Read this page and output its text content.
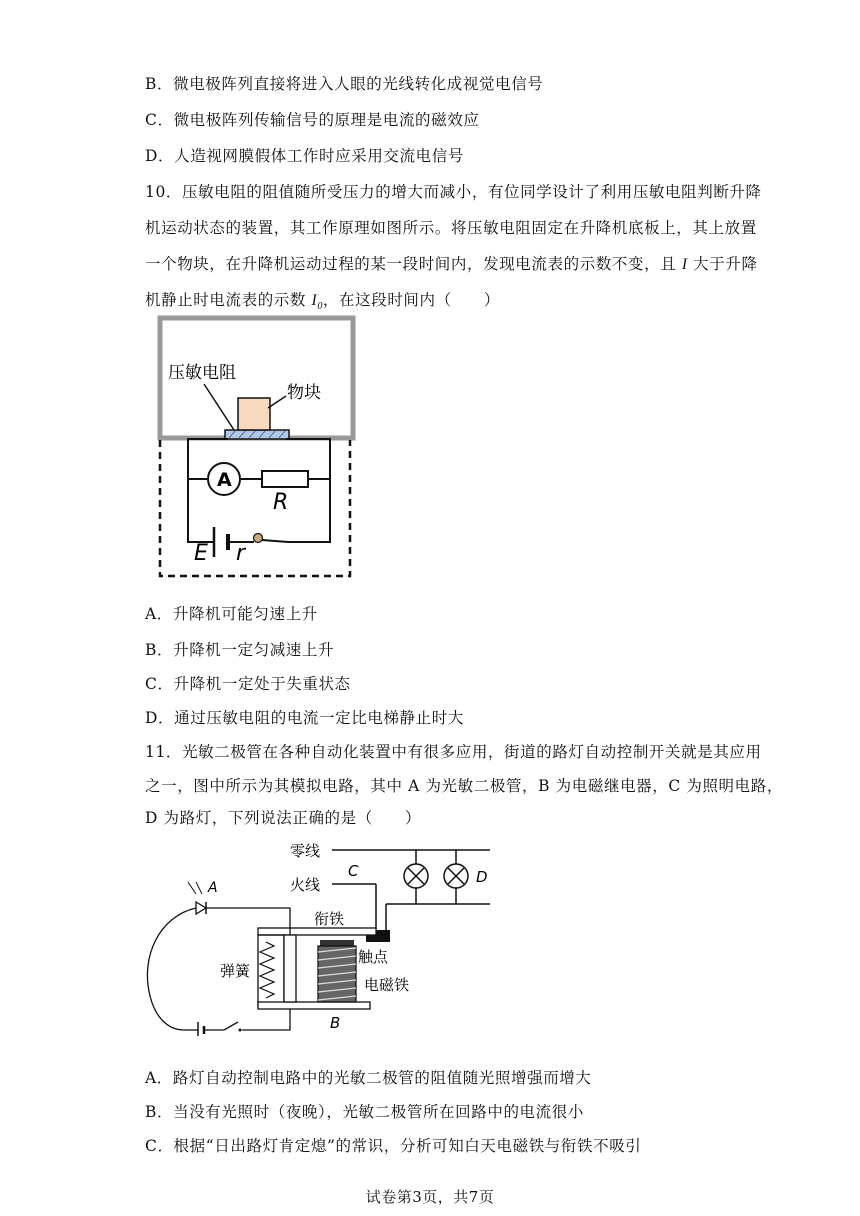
B．微电极阵列直接将进入人眼的光线转化成视觉电信号
C．微电极阵列传输信号的原理是电流的磁效应
D．人造视网膜假体工作时应采用交流电信号
10．压敏电阻的阻值随所受压力的增大而减小，有位同学设计了利用压敏电阻判断升降
机运动状态的装置，其工作原理如图所示。将压敏电阻固定在升降机底板上，其上放置
一个物块，在升降机运动过程的某一段时间内，发现电流表的示数不变，且 I 大于升降
机静止时电流表的示数 $I_0$，在这段时间内（　　）
压敏电阻
物块
A
R
E r
A．升降机可能匀速上升
B．升降机一定匀减速上升
C．升降机一定处于失重状态
D．通过压敏电阻的电流一定比电梯静止时大
11．光敏二极管在各种自动化装置中有很多应用，街道的路灯自动控制开关就是其应用
之一，图中所示为其模拟电路，其中 A 为光敏二极管，B 为电磁继电器，C 为照明电路，
D 为路灯，下列说法正确的是（　　）
零线
火线
C	D
触点
衔铁
弹簧
电磁铁
B
A
A．路灯自动控制电路中的光敏二极管的阻值随光照增强而增大
B．当没有光照时（夜晚），光敏二极管所在回路中的电流很小
C．根据“日出路灯肯定熄”的常识，分析可知白天电磁铁与衔铁不吸引
试卷第3页，共7页
